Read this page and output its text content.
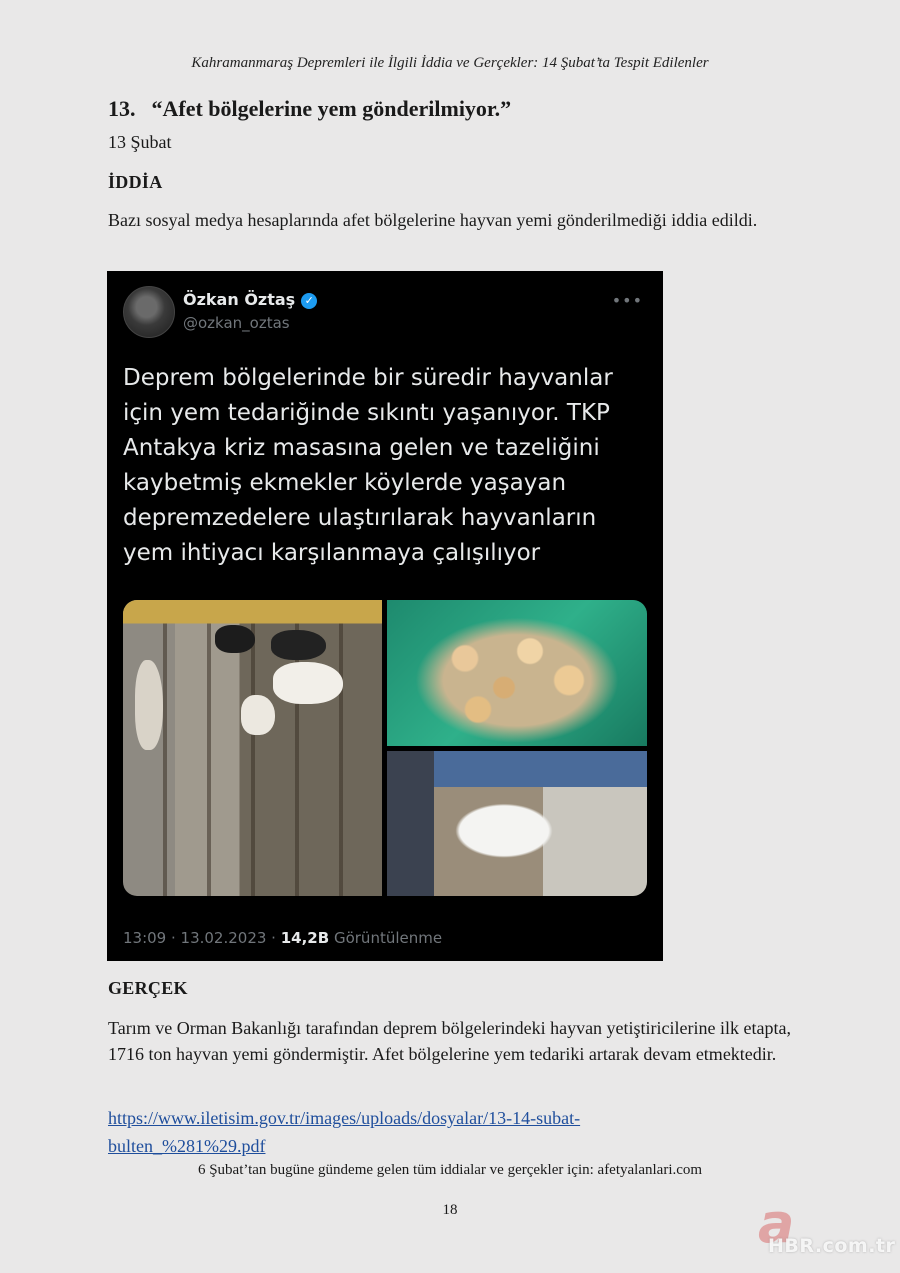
Kahramanmaraş Depremleri ile İlgili İddia ve Gerçekler: 14 Şubat’ta Tespit Edilenler
13. “Afet bölgelerine yem gönderilmiyor.”
13 Şubat
İDDİA
Bazı sosyal medya hesaplarında afet bölgelerine hayvan yemi gönderilmediği iddia edildi.
Özkan Öztaş ✓
@ozkan_oztas
•••
Deprem bölgelerinde bir süredir hayvanlar için yem tedariğinde sıkıntı yaşanıyor. TKP Antakya kriz masasına gelen ve tazeliğini kaybetmiş ekmekler köylerde yaşayan depremzedelere ulaştırılarak hayvanların yem ihtiyacı karşılanmaya çalışılıyor
13:09 · 13.02.2023 · 14,2B Görüntülenme
GERÇEK
Tarım ve Orman Bakanlığı tarafından deprem bölgelerindeki hayvan yetiştiricilerine ilk etapta, 1716 ton hayvan yemi göndermiştir. Afet bölgelerine yem tedariki artarak devam etmektedir.
https://www.iletisim.gov.tr/images/uploads/dosyalar/13-14-subat-
bulten_%281%29.pdf
6 Şubat’tan bugüne gündeme gelen tüm iddialar ve gerçekler için: afetyalanlari.com
18	a
HBR.com.tr
